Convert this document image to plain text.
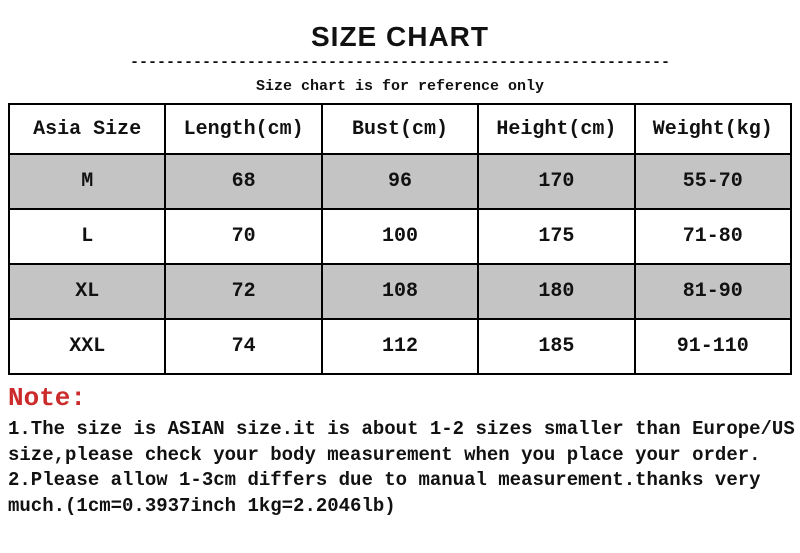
SIZE CHART
------------------------------------------------------------
Size chart is for reference only
Asia Size	Length(cm)	Bust(cm)	Height(cm)	Weight(kg)
M	68	96	170	55-70
L	70	100	175	71-80
XL	72	108	180	81-90
XXL	74	112	185	91-110
Note:
1.The size is ASIAN size.it is about 1-2 sizes smaller than Europe/US
size,please check your body measurement when you place your order.
2.Please allow 1-3cm differs due to manual measurement.thanks very
much.(1cm=0.3937inch 1kg=2.2046lb)
